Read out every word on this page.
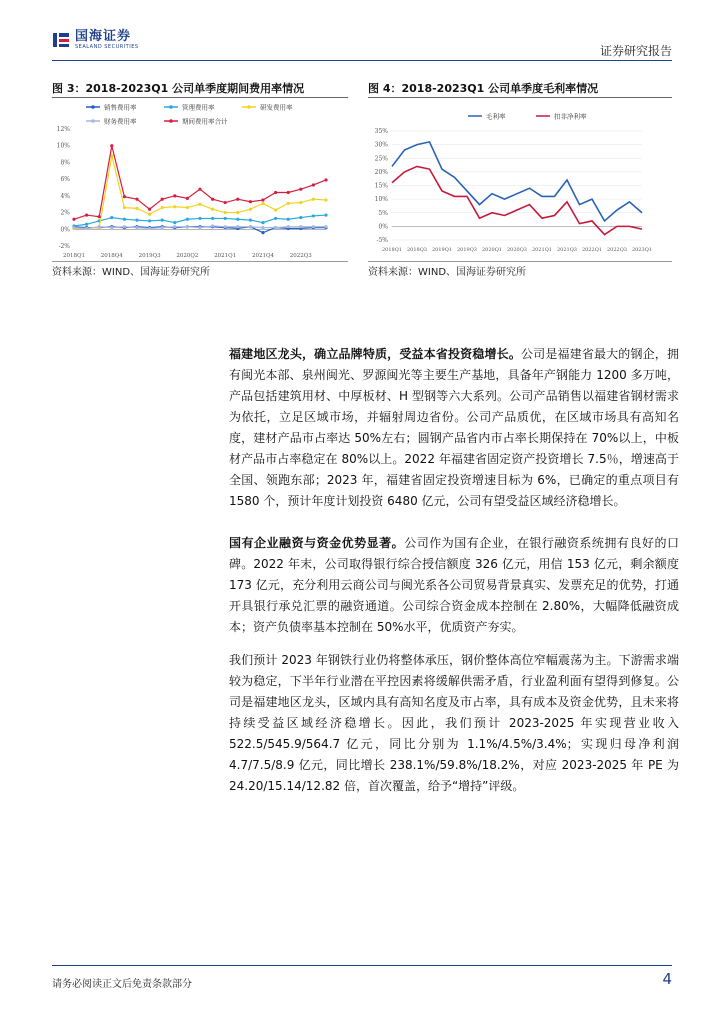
国海证券
SEALAND SECURITIES	证券研究报告
图 3：2018-2023Q1 公司单季度期间费用率情况
销售费用率	管理费用率	研发费用率
财务费用率	期间费用率合计
12%
10%
8%
6%
4%
2%
0%
-2%
2018Q1	2018Q4	2019Q3	2020Q2	2021Q1	2021Q4	2022Q3
资料来源：WIND、国海证券研究所
图 4：2018-2023Q1 公司单季度毛利率情况
毛利率	扣非净利率
35%
30%
25%
20%
15%
10%
5%
0%
-5%
2018Q1 2018Q3 2019Q1 2019Q3 2020Q1 2020Q3 2021Q1 2021Q3 2022Q1 2022Q3 2023Q1
资料来源：WIND、国海证券研究所
福建地区龙头，确立品牌特质，受益本省投资稳增长。公司是福建省最大的钢企，拥有闽光本部、泉州闽光、罗源闽光等主要生产基地，具备年产钢能力 1200 多万吨，产品包括建筑用材、中厚板材、H 型钢等六大系列。公司产品销售以福建省钢材需求为依托，立足区域市场，并辐射周边省份。公司产品质优，在区域市场具有高知名度，建材产品市占率达 50%左右；圆钢产品省内市占率长期保持在 70%以上，中板材产品市占率稳定在 80%以上。2022 年福建省固定资产投资增长 7.5％，增速高于全国、领跑东部；2023 年，福建省固定投资增速目标为 6%，已确定的重点项目有 1580 个，预计年度计划投资 6480 亿元，公司有望受益区域经济稳增长。
国有企业融资与资金优势显著。公司作为国有企业，在银行融资系统拥有良好的口碑。2022 年末，公司取得银行综合授信额度 326 亿元，用信 153 亿元，剩余额度 173 亿元，充分利用云商公司与闽光系各公司贸易背景真实、发票充足的优势，打通开具银行承兑汇票的融资通道。公司综合资金成本控制在 2.80%，大幅降低融资成本；资产负债率基本控制在 50%水平，优质资产夯实。
我们预计 2023 年钢铁行业仍将整体承压，钢价整体高位窄幅震荡为主。下游需求端较为稳定，下半年行业潜在平控因素将缓解供需矛盾，行业盈利面有望得到修复。公司是福建地区龙头，区域内具有高知名度及市占率，具有成本及资金优势，且未来将持续受益区域经济稳增长。因此，我们预计 2023-2025 年实现营业收入 522.5/545.9/564.7 亿元，同比分别为 1.1%/4.5%/3.4%；实现归母净利润 4.7/7.5/8.9 亿元，同比增长 238.1%/59.8%/18.2%，对应 2023-2025 年 PE 为 24.20/15.14/12.82 倍，首次覆盖，给予“增持”评级。
请务必阅读正文后免责条款部分	4
